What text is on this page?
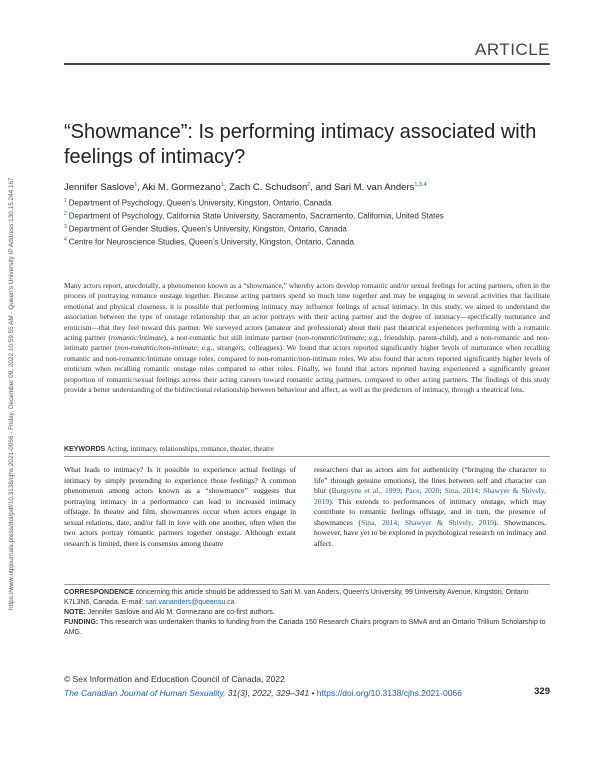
https://www.utpjournals.press/doi/pdf/10.3138/cjhs.2021-0066 - Friday, December 09, 2022 10:59:55 AM - Queen's University IP Address:130.15.244.167
ARTICLE
“Showmance”: Is performing intimacy associated with feelings of intimacy?
Jennifer Saslove$^1$, Aki M. Gormezano$^1$, Zach C. Schudson$^2$, and Sari M. van Anders$^{1,3,4}$
$^1$ Department of Psychology, Queen’s University, Kingston, Ontario, Canada
$^2$ Department of Psychology, California State University, Sacramento, Sacramento, California, United States
$^3$ Department of Gender Studies, Queen’s University, Kingston, Ontario, Canada
$^4$ Centre for Neuroscience Studies, Queen’s University, Kingston, Ontario, Canada

Many actors report, anecdotally, a phenomenon known as a “showmance,” whereby actors develop romantic and/or sexual feelings for acting partners, often in the process of portraying romance onstage together. Because acting partners spend so much time together and may be engaging in several activities that facilitate emotional and physical closeness, it is possible that performing intimacy may influence feelings of actual intimacy. In this study, we aimed to understand the association between the type of onstage relationship that an actor portrays with their acting partner and the degree of intimacy—specifically nurturance and eroticism—that they feel toward this partner. We surveyed actors (amateur and professional) about their past theatrical experiences performing with a romantic acting partner (romantic/intimate), a non-romantic but still intimate partner (non-romantic/intimate; e.g., friendship, parent-child), and a non-romantic and non-intimate partner (non-romantic/non-intimate; e.g., strangers, colleagues). We found that actors reported significantly higher levels of nurturance when recalling romantic and non-romantic/intimate onstage roles, compared to non-romantic/non-intimate roles. We also found that actors reported significantly higher levels of eroticism when recalling romantic onstage roles compared to other roles. Finally, we found that actors reported having experienced a significantly greater proportion of romantic/sexual feelings across their acting careers toward romantic acting partners, compared to other acting partners. The findings of this study provide a better understanding of the bidirectional relationship between behaviour and affect, as well as the predictors of intimacy, through a theatrical lens.

KEYWORDS Acting, intimacy, relationships, romance, theater, theatre

What leads to intimacy? Is it possible to experience actual feelings of intimacy by simply pretending to experience those feelings? A common phenomenon among actors known as a “showmance” suggests that portraying intimacy in a performance can lead to increased intimacy offstage. In theatre and film, showmances occur when actors engage in sexual relations, date, and/or fall in love with one another, often when the two actors portray romantic partners together onstage. Although extant research is limited, there is consensus among theatre

researchers that as actors aim for authenticity (“bringing the character to life” through genuine emotions), the lines between self and character can blur (Burgoyne et al., 1999; Pace, 2020; Sina, 2014; Shawyer & Shively, 2019). This extends to performances of intimacy onstage, which may contribute to romantic feelings offstage, and in turn, the presence of showmances (Sina, 2014; Shawyer & Shively, 2019). Showmances, however, have yet to be explored in psychological research on intimacy and affect.

CORRESPONDENCE concerning this article should be addressed to Sari M. van Anders, Queen’s University, 99 University Avenue, Kingston, Ontario K7L3N6, Canada. E-mail: sari.vananders@queensu.ca

NOTE: Jennifer Saslove and Aki M. Gormezano are co-first authors.

FUNDING: This research was undertaken thanks to funding from the Canada 150 Research Chairs program to SMvA and an Ontario Trillium Scholarship to AMG.

© Sex Information and Education Council of Canada, 2022
The Canadian Journal of Human Sexuality, 31(3), 2022, 329–341 • https://doi.org/10.3138/cjhs.2021-0066	329
